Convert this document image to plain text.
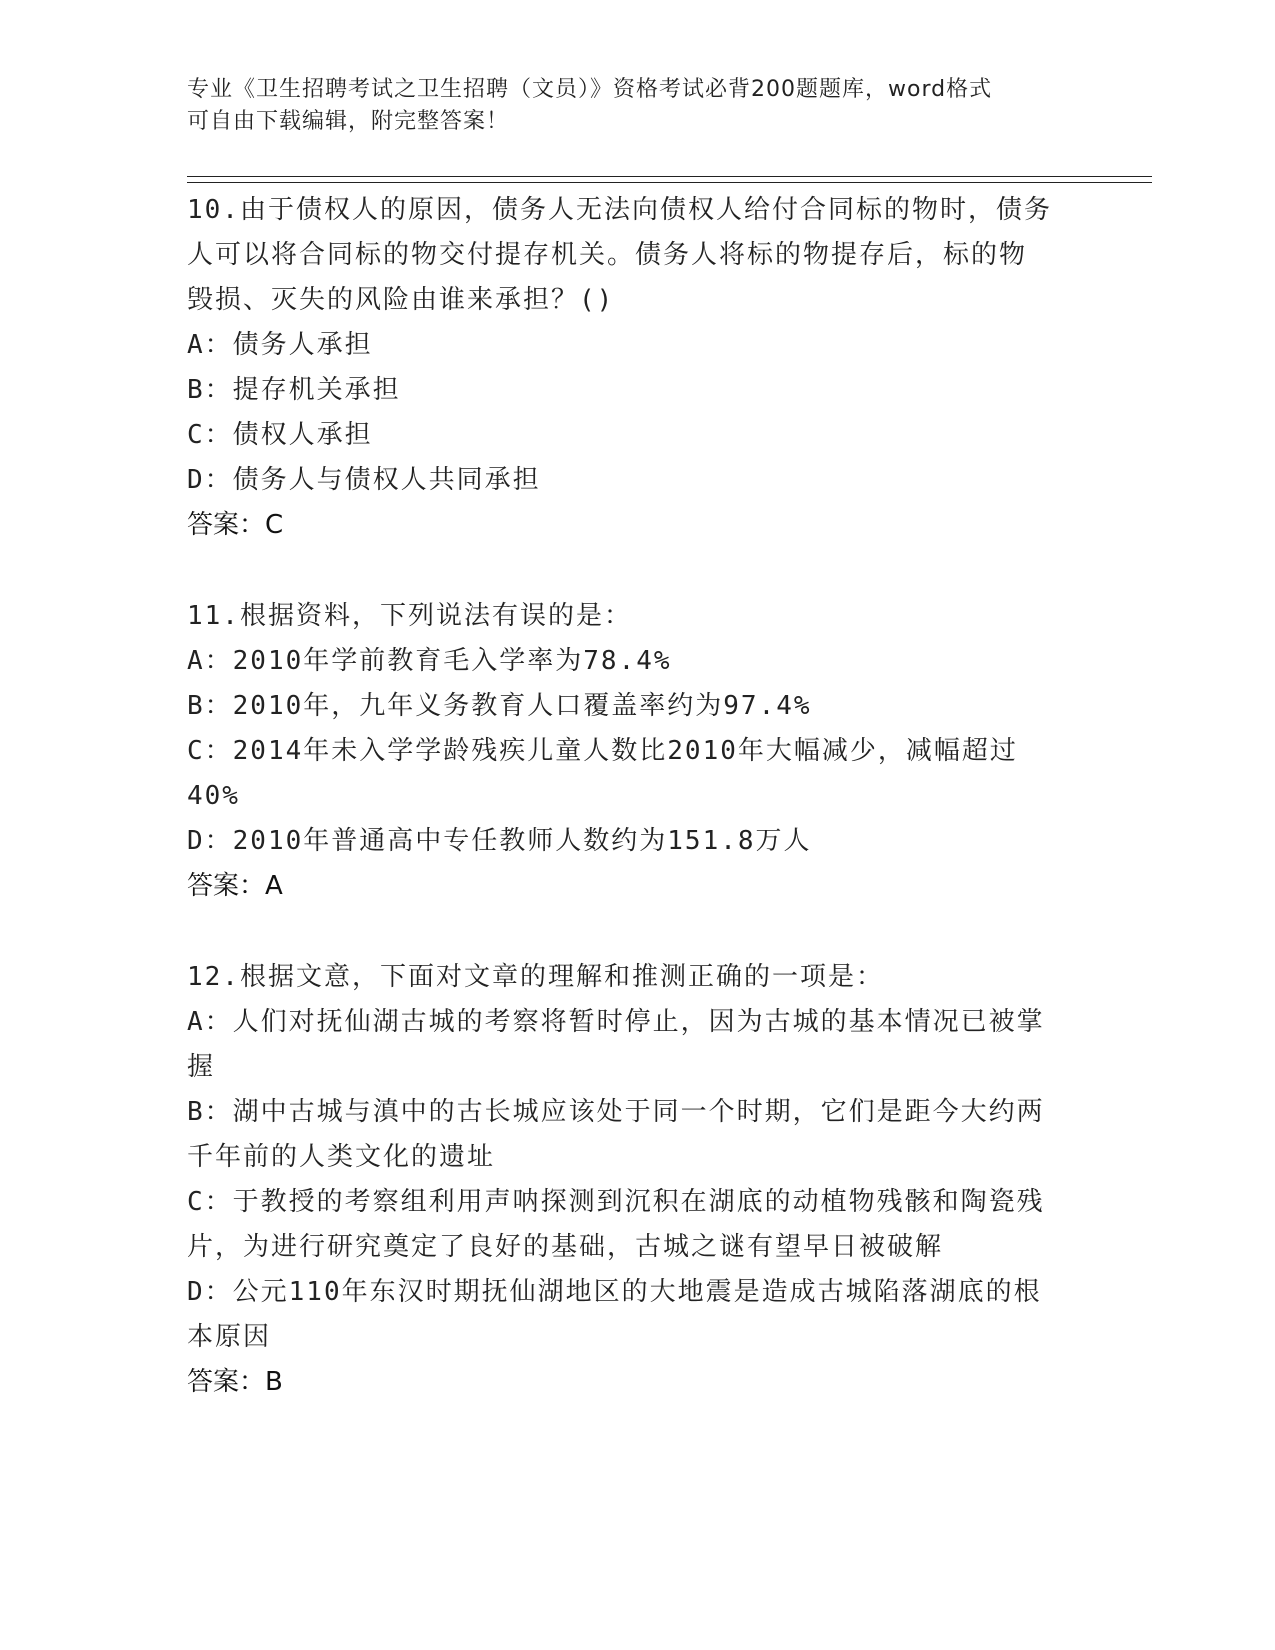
专业《卫生招聘考试之卫生招聘（文员）》资格考试必背200题题库，word格式
可自由下载编辑，附完整答案！
10.由于债权人的原因，债务人无法向债权人给付合同标的物时，债务
人可以将合同标的物交付提存机关。债务人将标的物提存后，标的物
毁损、灭失的风险由谁来承担？()
A：债务人承担
B：提存机关承担
C：债权人承担
D：债务人与债权人共同承担
答案：C
11.根据资料，下列说法有误的是：
A：2010年学前教育毛入学率为78.4%
B：2010年，九年义务教育人口覆盖率约为97.4%
C：2014年未入学学龄残疾儿童人数比2010年大幅减少，减幅超过
40%
D：2010年普通高中专任教师人数约为151.8万人
答案：A
12.根据文意，下面对文章的理解和推测正确的一项是：
A：人们对抚仙湖古城的考察将暂时停止，因为古城的基本情况已被掌
握
B：湖中古城与滇中的古长城应该处于同一个时期，它们是距今大约两
千年前的人类文化的遗址
C：于教授的考察组利用声呐探测到沉积在湖底的动植物残骸和陶瓷残
片，为进行研究奠定了良好的基础，古城之谜有望早日被破解
D：公元110年东汉时期抚仙湖地区的大地震是造成古城陷落湖底的根
本原因
答案：B
